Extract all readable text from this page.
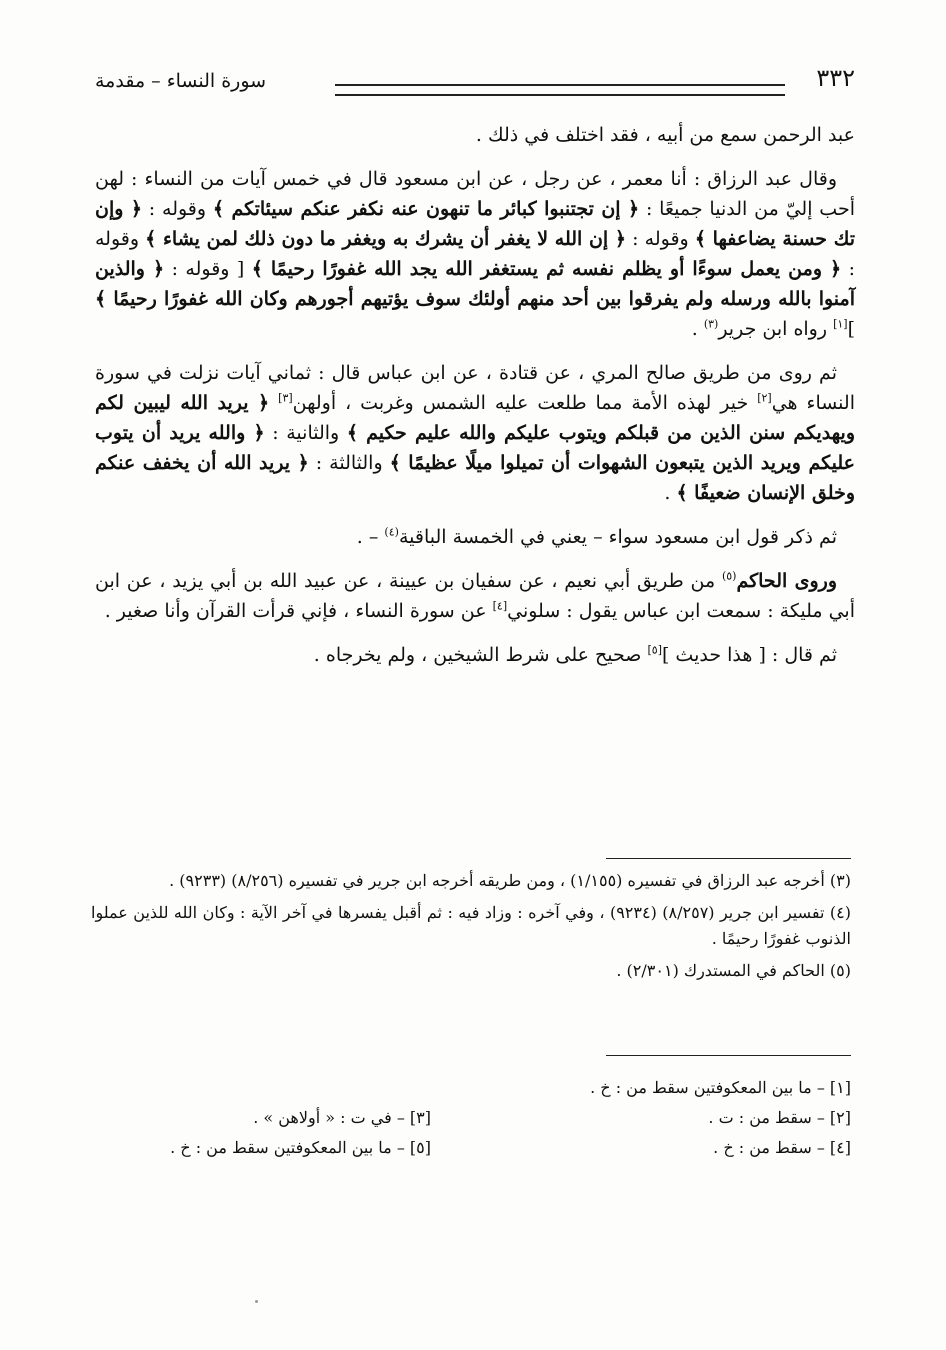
٣٣٢
سورة النساء – مقدمة

عبد الرحمن سمع من أبيه ، فقد اختلف في ذلك .

وقال عبد الرزاق : أنا معمر ، عن رجل ، عن ابن مسعود قال في خمس آيات من النساء : لهن أحب إليّ من الدنيا جميعًا : ﴿ إن تجتنبوا كبائر ما تنهون عنه نكفر عنكم سيئاتكم ﴾ وقوله : ﴿ وإن تك حسنة يضاعفها ﴾ وقوله : ﴿ إن الله لا يغفر أن يشرك به ويغفر ما دون ذلك لمن يشاء ﴾ وقوله : ﴿ ومن يعمل سوءًا أو يظلم نفسه ثم يستغفر الله يجد الله غفورًا رحيمًا ﴾ [ وقوله : ﴿ والذين آمنوا بالله ورسله ولم يفرقوا بين أحد منهم أولئك سوف يؤتيهم أجورهم وكان الله غفورًا رحيمًا ﴾ ][١] رواه ابن جرير$^{(٣)}$ .

ثم روى من طريق صالح المري ، عن قتادة ، عن ابن عباس قال : ثماني آيات نزلت في سورة النساء هي[٢] خير لهذه الأمة مما طلعت عليه الشمس وغربت ، أولهن[٣] ﴿ يريد الله ليبين لكم ويهديكم سنن الذين من قبلكم ويتوب عليكم والله عليم حكيم ﴾ والثانية : ﴿ والله يريد أن يتوب عليكم ويريد الذين يتبعون الشهوات أن تميلوا ميلًا عظيمًا ﴾ والثالثة : ﴿ يريد الله أن يخفف عنكم وخلق الإنسان ضعيفًا ﴾ .

ثم ذكر قول ابن مسعود سواء – يعني في الخمسة الباقية$^{(٤)}$ – .

وروى الحاكم$^{(٥)}$ من طريق أبي نعيم ، عن سفيان بن عيينة ، عن عبيد الله بن أبي يزيد ، عن ابن أبي مليكة : سمعت ابن عباس يقول : سلوني[٤] عن سورة النساء ، فإني قرأت القرآن وأنا صغير .

ثم قال : [ هذا حديث ][٥] صحيح على شرط الشيخين ، ولم يخرجاه .

(٣) أخرجه عبد الرزاق في تفسيره (١/١٥٥) ، ومن طريقه أخرجه ابن جرير في تفسيره (٨/٢٥٦) (٩٢٣٣) .

(٤) تفسير ابن جرير (٨/٢٥٧) (٩٢٣٤) ، وفي آخره : وزاد فيه : ثم أقبل يفسرها في آخر الآية : وكان الله للذين عملوا الذنوب غفورًا رحيمًا .

(٥) الحاكم في المستدرك (٢/٣٠١) .

[١] – ما بين المعكوفتين سقط من : خ .
[٢] – سقط من : ت .
[٣] – في ت : « أولاهن » .
[٤] – سقط من : خ .
[٥] – ما بين المعكوفتين سقط من : خ .
